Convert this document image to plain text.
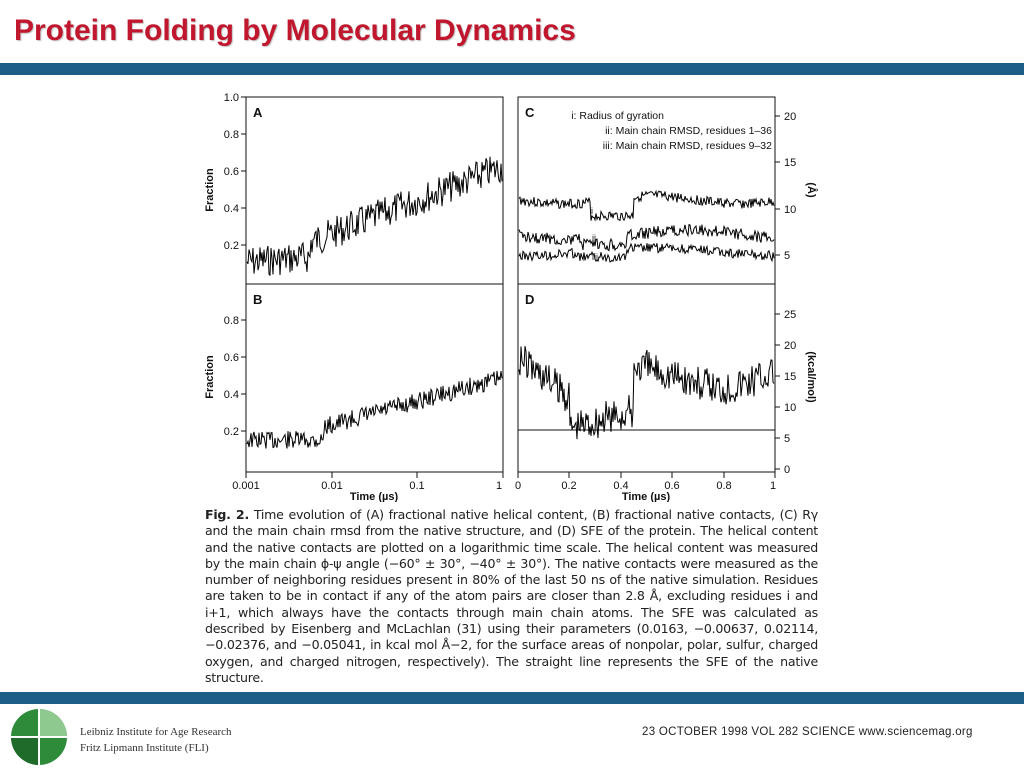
Protein Folding by Molecular Dynamics
A
B
C
D
1.0
0.8
0.6
0.4
0.2
Fraction
0.8
0.6
0.4
0.2
Fraction
0.001	0.01	0.1	1
Time (µs)
20
15
10
5
(Å)
i: Radius of gyration
ii: Main chain RMSD, residues 1–36
iii: Main chain RMSD, residues 9–32
i
ii
iii
25
20
15
10
5
0
(kcal/mol)
0	0.2	0.4	0.6	0.8	1
Time (µs)

Fig. 2. Time evolution of (A) fractional native helical content, (B) fractional native contacts, (C) Rγ and the main chain rmsd from the native structure, and (D) SFE of the protein. The helical content and the native contacts are plotted on a logarithmic time scale. The helical content was measured by the main chain ϕ-ψ angle (−60° ± 30°, −40° ± 30°). The native contacts were measured as the number of neighboring residues present in 80% of the last 50 ns of the native simulation. Residues are taken to be in contact if any of the atom pairs are closer than 2.8 Å, excluding residues i and i+1, which always have the contacts through main chain atoms. The SFE was calculated as described by Eisenberg and McLachlan (31) using their parameters (0.0163, −0.00637, 0.02114, −0.02376, and −0.05041, in kcal mol Å−2, for the surface areas of nonpolar, polar, sulfur, charged oxygen, and charged nitrogen, respectively). The straight line represents the SFE of the native structure.

Leibniz Institute for Age Research
Fritz Lipmann Institute (FLI)
23 OCTOBER 1998 VOL 282 SCIENCE www.sciencemag.org
